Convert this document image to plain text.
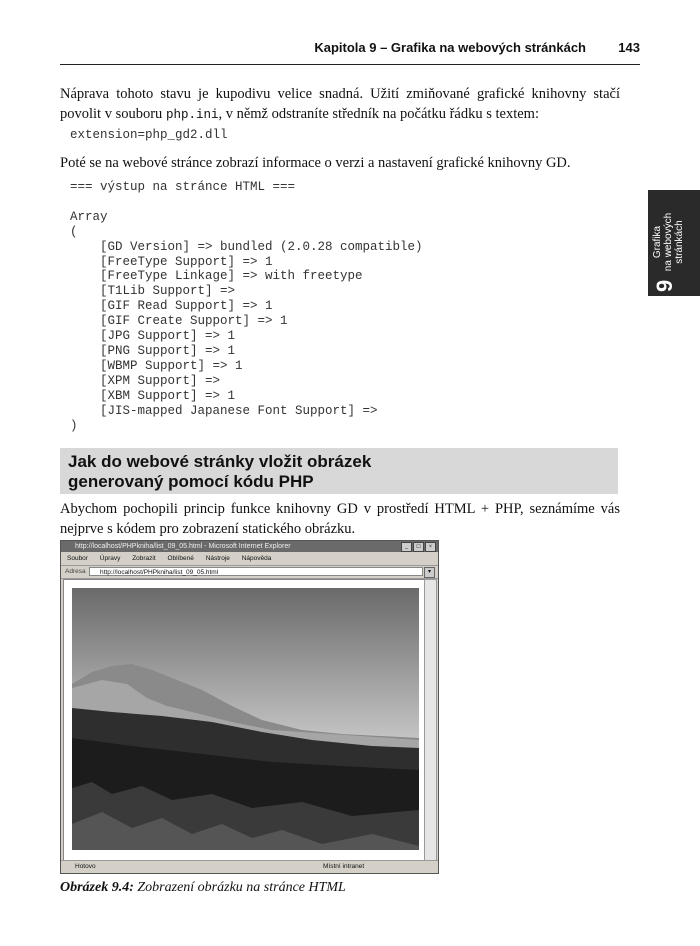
Kapitola 9 – Grafika na webových stránkách 143
Grafika na webových stránkách
9
Náprava tohoto stavu je kupodivu velice snadná. Užití zmiňované grafické knihovny stačí povolit v souboru php.ini, v němž odstraníte středník na počátku řádku s textem:
extension=php_gd2.dll
Poté se na webové stránce zobrazí informace o verzi a nastavení grafické knihovny GD.
=== výstup na stránce HTML ===

Array
(
[GD Version] => bundled (2.0.28 compatible)
[FreeType Support] => 1
[FreeType Linkage] => with freetype
[T1Lib Support] =>
[GIF Read Support] => 1
[GIF Create Support] => 1
[JPG Support] => 1
[PNG Support] => 1
[WBMP Support] => 1
[XPM Support] =>
[XBM Support] => 1
[JIS-mapped Japanese Font Support] =>
)
Jak do webové stránky vložit obrázek
generovaný pomocí kódu PHP
Abychom pochopili princip funkce knihovny GD v prostředí HTML + PHP, seznámíme vás nejprve s kódem pro zobrazení statického obrázku.
http://localhost/PHPkniha/list_09_05.html - Microsoft Internet Explorer	_	□	×
Soubor Úpravy Zobrazit Oblíbené Nástroje Nápověda
Adresa	http://localhost/PHPkniha/list_09_05.html	▾
Hotovo	Místní intranet
Obrázek 9.4: Zobrazení obrázku na stránce HTML
